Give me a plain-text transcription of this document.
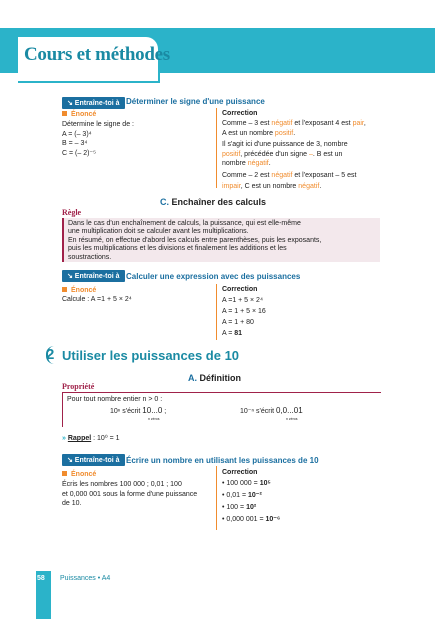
Cours et méthodes
↘ Entraîne-toi à Déterminer le signe d'une puissance
Énoncé
Détermine le signe de :
A = (– 3)⁴
B = – 3⁴
C = (– 2)⁻⁵
Correction
Comme – 3 est négatif et l'exposant 4 est pair,
A est un nombre positif.
Il s'agit ici d'une puissance de 3, nombre
positif, précédée d'un signe –. B est un
nombre négatif.
Comme – 2 est négatif et l'exposant – 5 est
impair, C est un nombre négatif.
C. Enchaîner des calculs
Règle
Dans le cas d'un enchaînement de calculs, la puissance, qui est elle-même
une multiplication doit se calculer avant les multiplications.
En résumé, on effectue d'abord les calculs entre parenthèses, puis les exposants,
puis les multiplications et les divisions et finalement les additions et les
soustractions.
↘ Entraîne-toi à Calculer une expression avec des puissances
Énoncé
Calcule : A =1 + 5 × 2⁴
Correction
A =1 + 5 × 2⁴
A = 1 + 5 × 16
A = 1 + 80
A = 81
2 Utiliser les puissances de 10
A. Définition
Propriété
Pour tout nombre entier n > 0 :
10ⁿ s'écrit 10...0 ;
n zéros
10⁻ⁿ s'écrit 0,0...01
n zéros
» Rappel : 10⁰ = 1
↘ Entraîne-toi à Écrire un nombre en utilisant les puissances de 10
Énoncé
Écris les nombres 100 000 ; 0,01 ; 100
et 0,000 001 sous la forme d'une puissance
de 10.
Correction
• 100 000 = 10⁵
• 0,01 = 10⁻²
• 100 = 10²
• 0,000 001 = 10⁻⁶
58 Puissances • A4
